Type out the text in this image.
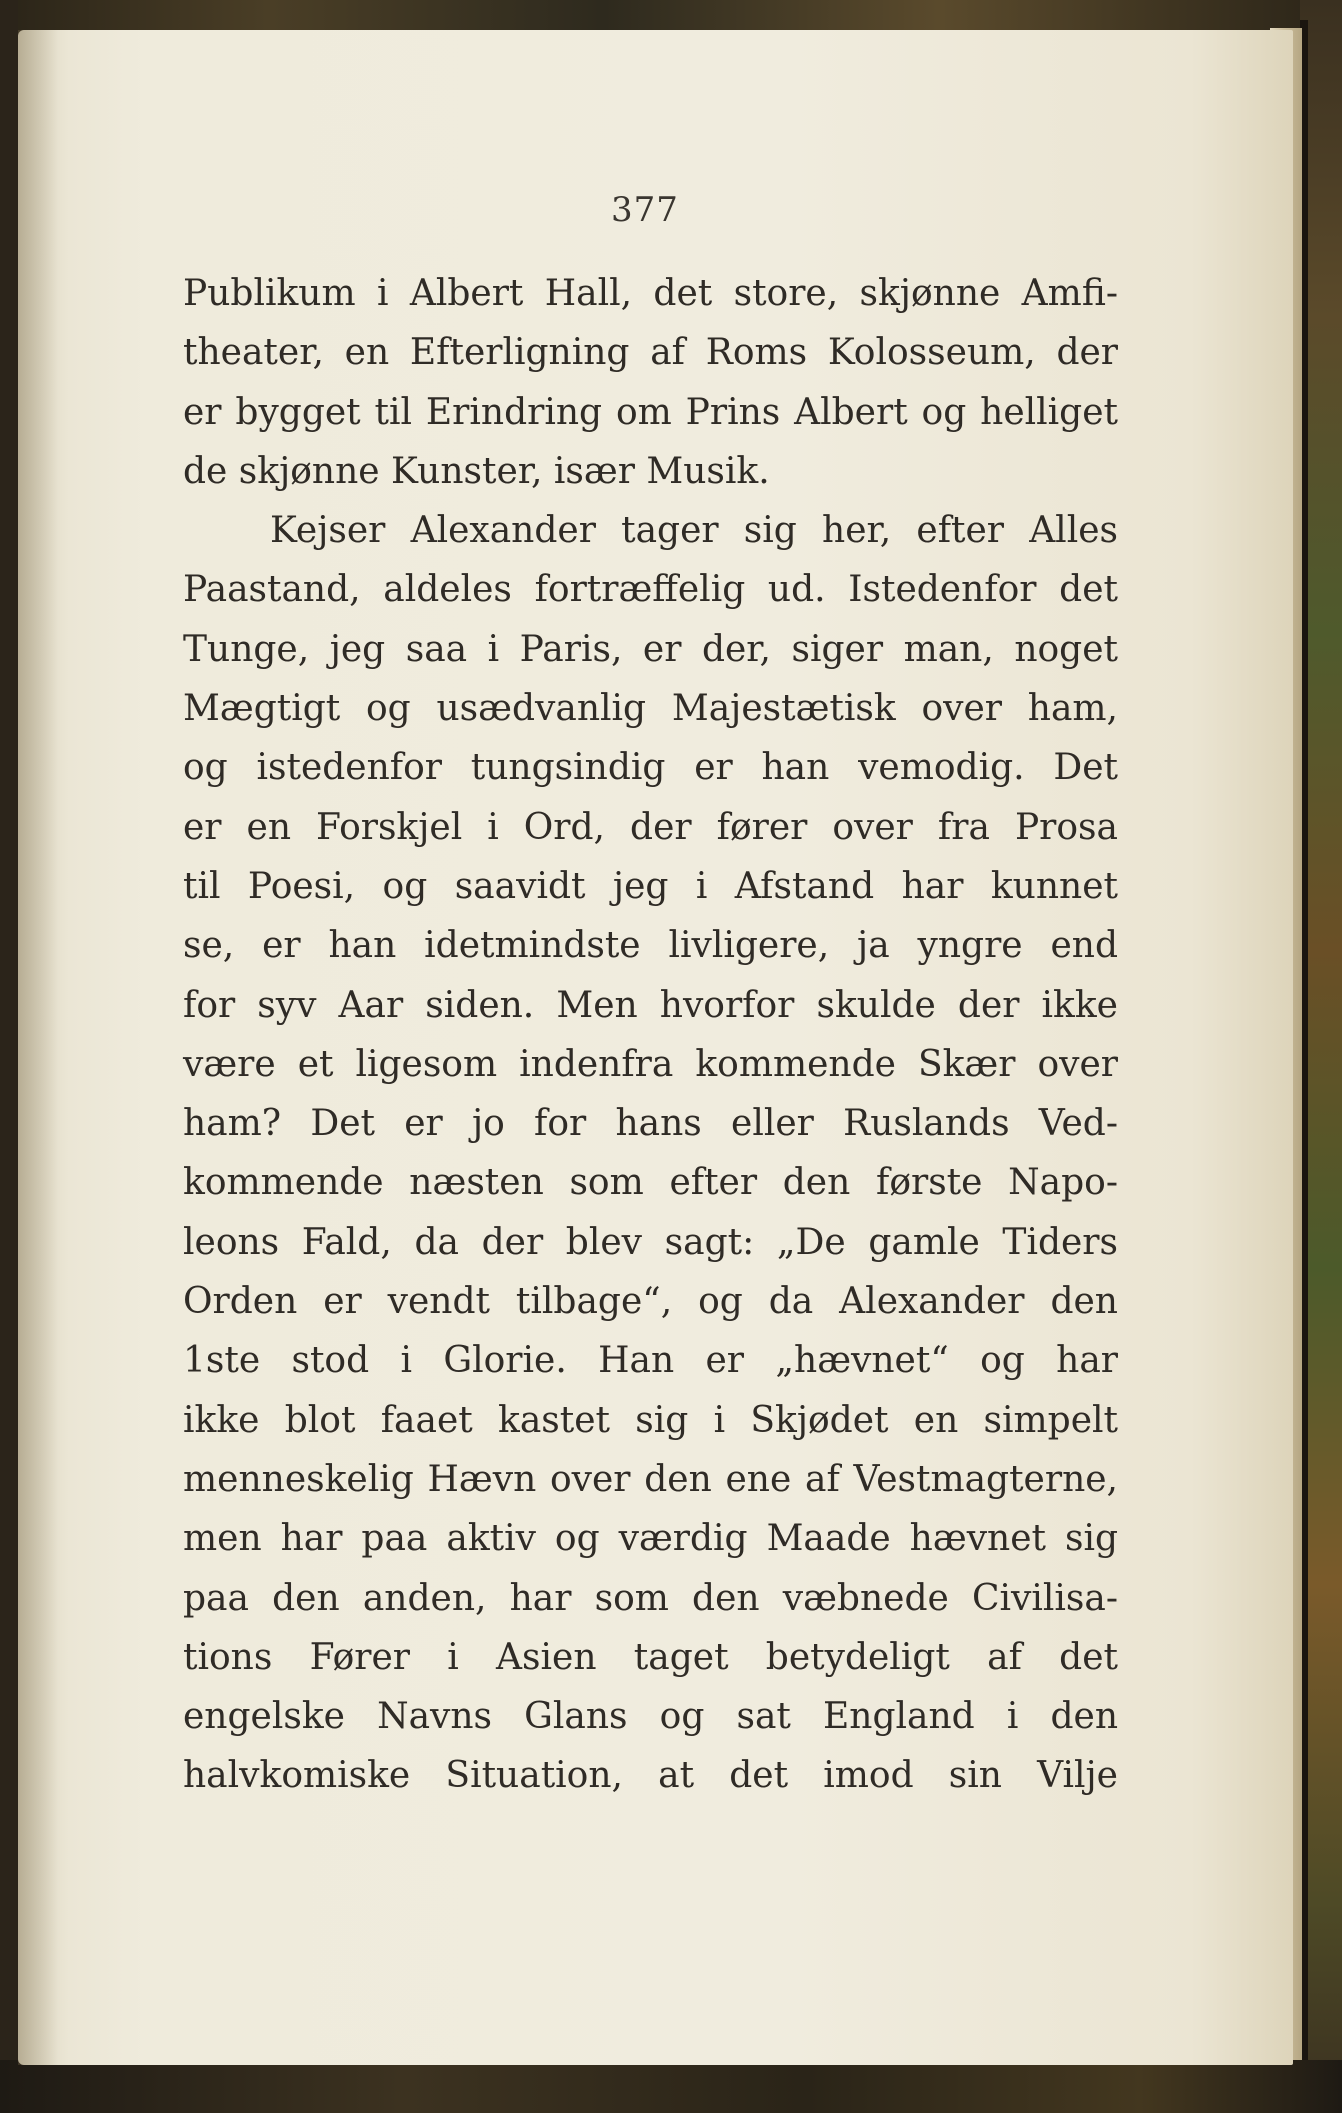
377
Publikum i Albert Hall, det store, skjønne Amfi-
theater, en Efterligning af Roms Kolosseum, der
er bygget til Erindring om Prins Albert og helliget
de skjønne Kunster, især Musik.
Kejser Alexander tager sig her, efter Alles
Paastand, aldeles fortræffelig ud. Istedenfor det
Tunge, jeg saa i Paris, er der, siger man, noget
Mægtigt og usædvanlig Majestætisk over ham,
og istedenfor tungsindig er han vemodig. Det
er en Forskjel i Ord, der fører over fra Prosa
til Poesi, og saavidt jeg i Afstand har kunnet
se, er han idetmindste livligere, ja yngre end
for syv Aar siden. Men hvorfor skulde der ikke
være et ligesom indenfra kommende Skær over
ham? Det er jo for hans eller Ruslands Ved-
kommende næsten som efter den første Napo-
leons Fald, da der blev sagt: „De gamle Tiders
Orden er vendt tilbage“, og da Alexander den
1ste stod i Glorie. Han er „hævnet“ og har
ikke blot faaet kastet sig i Skjødet en simpelt
menneskelig Hævn over den ene af Vestmagterne,
men har paa aktiv og værdig Maade hævnet sig
paa den anden, har som den væbnede Civilisa-
tions Fører i Asien taget betydeligt af det
engelske Navns Glans og sat England i den
halvkomiske Situation, at det imod sin Vilje
